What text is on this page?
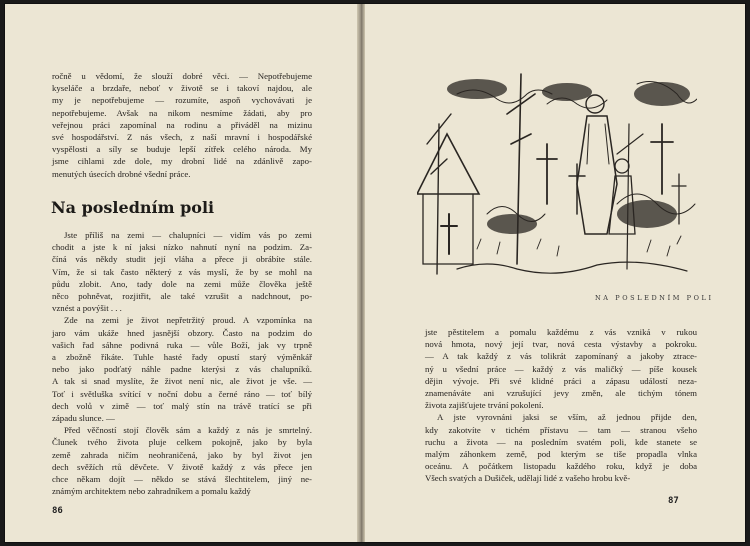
ročně u vědomí, že slouží dobré věci. — Nepotřebujeme
kyseláče a brzdaře, neboť v životě se i takoví najdou, ale
my je nepotřebujeme — rozumíte, aspoň vychovávati je
nepotřebujeme. Avšak na nikom nesmíme žádati, aby pro
veřejnou práci zapomínal na rodinu a přiváděl na mizinu
své hospodářství. Z nás všech, z naší mravní i hospodářské
vyspělosti a síly se buduje lepší zítřek celého národa. My
jsme cihlami zde dole, my drobní lidé na zdánlivě zapo-
menutých úsecích drobné všední práce.
Na posledním poli
Jste příliš na zemi — chalupníci — vidím vás po zemi
chodit a jste k ní jaksi nízko nahnutí nyní na podzim. Za-
číná vás někdy studit její vláha a přece ji obrábíte stále.
Vím, že si tak často některý z vás myslí, že by se mohl na
půdu zlobit. Ano, tady dole na zemi může člověka ještě
něco pohněvat, rozjitřit, ale také vzrušit a nadchnout, po-
vznést a povýšit . . .
Zde na zemi je život nepřetržitý proud. A vzpomínka na
jaro vám ukáže hned jasnější obzory. Často na podzim do
vašich řad sáhne podivná ruka — vůle Boží, jak vy trpně
a zbožně říkáte. Tuhle hasté řady opustí starý výměnkář
nebo jako podťatý náhle padne kterýsi z vás chalupníků.
A tak si snad myslíte, že život není nic, ale život je vše. —
Toť i světluška svítící v noční dobu a černé ráno — toť bílý
dech volů v zimě — toť malý stín na trávě tratící se při
západu slunce. —
Před věčností stojí člověk sám a každý z nás je smrtelný.
Člunek tvého života pluje celkem pokojně, jako by byla
země zahrada ničím neohraničená, jako by byl život jen
dech svěžích rtů děvčete. V životě každý z vás přece jen
chce někam dojít — někdo se stává šlechtitelem, jiný ne-
známým architektem nebo zahradníkem a pomalu každý
86
NA POSLEDNÍM POLI
jste pěstitelem a pomalu každému z vás vzniká v rukou
nová hmota, nový její tvar, nová cesta výstavby a pokroku.
— A tak každý z vás tolikrát zapomínaný a jakoby ztrace-
ný u všední práce — každý z vás maličký — píše kousek
dějin vývoje. Při své klidné práci a zápasu událostí neza-
znamenáváte ani vzrušující jevy změn, ale tichým tónem
života zajišťujete trvání pokolení.
A jste vyrovnáni jaksi se vším, až jednou přijde den,
kdy zakotvíte v tichém přístavu — tam — stranou všeho
ruchu a života — na posledním svatém poli, kde stanete se
malým záhonkem země, pod kterým se tiše propadla vlnka
oceánu. A počátkem listopadu každého roku, když je doba
Všech svatých a Dušiček, udělají lidé z vašeho hrobu kvě-
87
